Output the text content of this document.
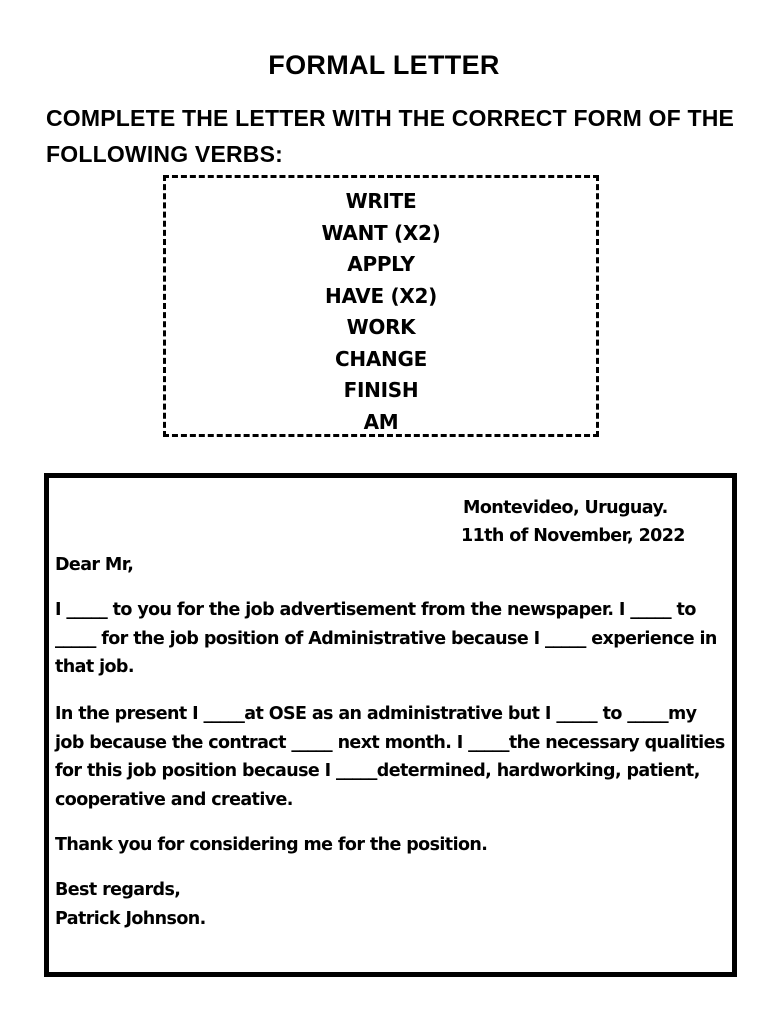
FORMAL LETTER
COMPLETE THE LETTER WITH THE CORRECT FORM OF THE FOLLOWING VERBS:
WRITE
WANT (X2)
APPLY
HAVE (X2)
WORK
CHANGE
FINISH
AM
Montevideo, Uruguay.
11th of November, 2022
Dear Mr,

I _____ to you for the job advertisement from the newspaper. I _____ to _____ for the job position of Administrative because I _____ experience in that job.

In the present I _____at OSE as an administrative but I _____ to _____my job because the contract _____ next month. I _____the necessary qualities for this job position because I _____determined, hardworking, patient, cooperative and creative.

Thank you for considering me for the position.

Best regards,
Patrick Johnson.
